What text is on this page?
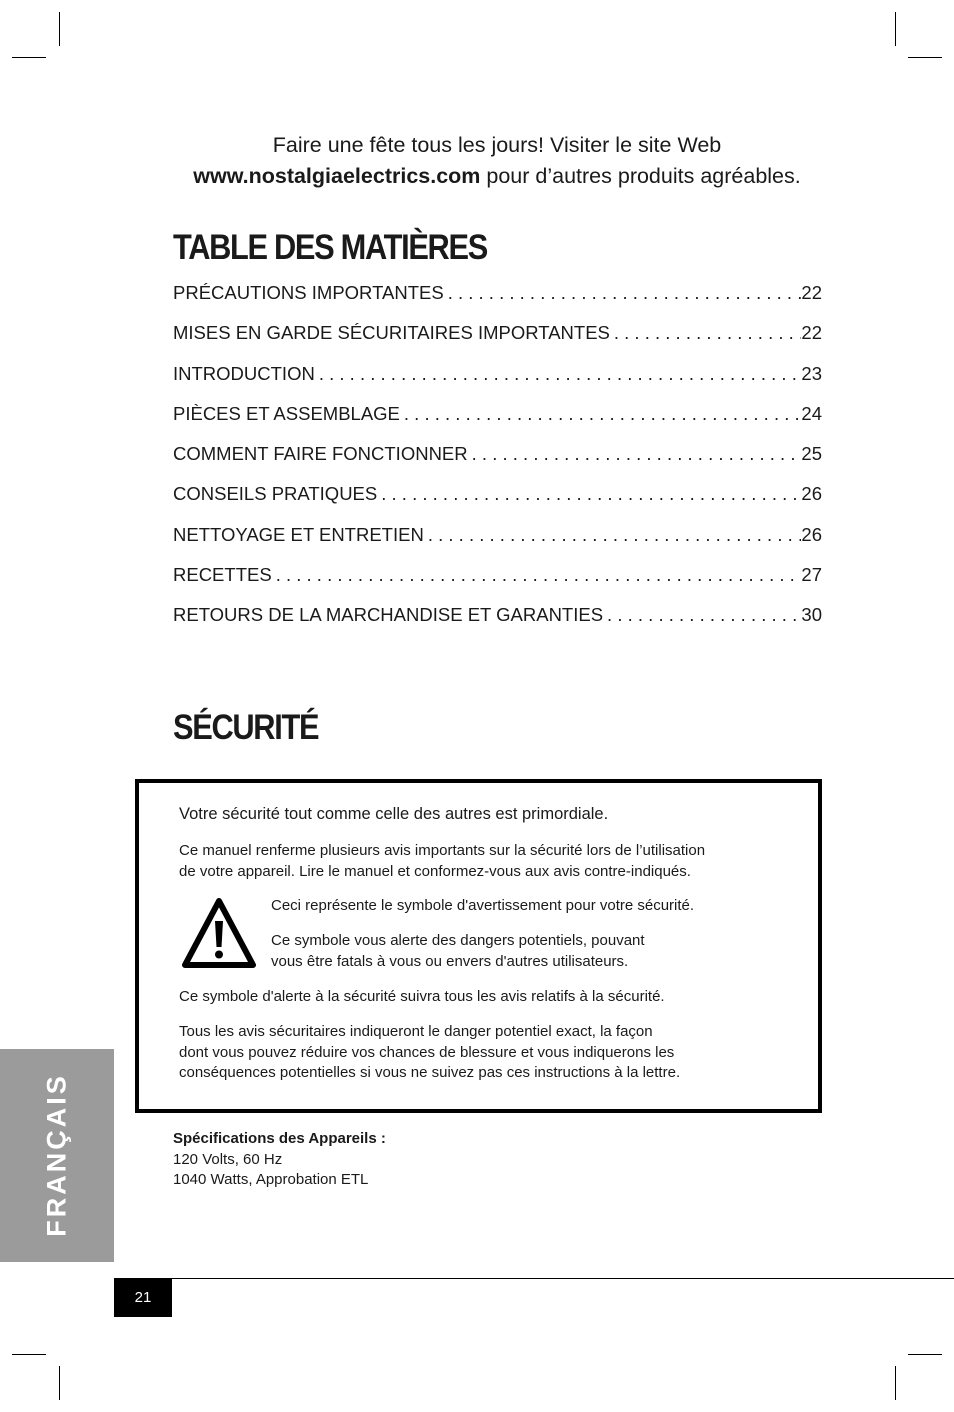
Faire une fête tous les jours! Visiter le site Web
www.nostalgiaelectrics.com pour d’autres produits agréables.
TABLE DES MATIÈRES
PRÉCAUTIONS IMPORTANTES . . .	22
MISES EN GARDE SÉCURITAIRES IMPORTANTES . . .	22
INTRODUCTION . . .	23
PIÈCES ET ASSEMBLAGE . . .	24
COMMENT FAIRE FONCTIONNER . . .	25
CONSEILS PRATIQUES . . .	26
NETTOYAGE ET ENTRETIEN . . .	26
RECETTES . . .	27
RETOURS DE LA MARCHANDISE ET GARANTIES . . .	30
SÉCURITÉ
Votre sécurité tout comme celle des autres est primordiale.
Ce manuel renferme plusieurs avis importants sur la sécurité lors de l’utilisation
de votre appareil. Lire le manuel et conformez-vous aux avis contre-indiqués.
Ceci représente le symbole d'avertissement pour votre sécurité.
Ce symbole vous alerte des dangers potentiels, pouvant
vous être fatals à vous ou envers d'autres utilisateurs.
Ce symbole d'alerte à la sécurité suivra tous les avis relatifs à la sécurité.
Tous les avis sécuritaires indiqueront le danger potentiel exact, la façon
dont vous pouvez réduire vos chances de blessure et vous indiquerons les
conséquences potentielles si vous ne suivez pas ces instructions à la lettre.
Spécifications des Appareils :
120 Volts, 60 Hz
1040 Watts, Approbation ETL
FRANÇAIS
21
